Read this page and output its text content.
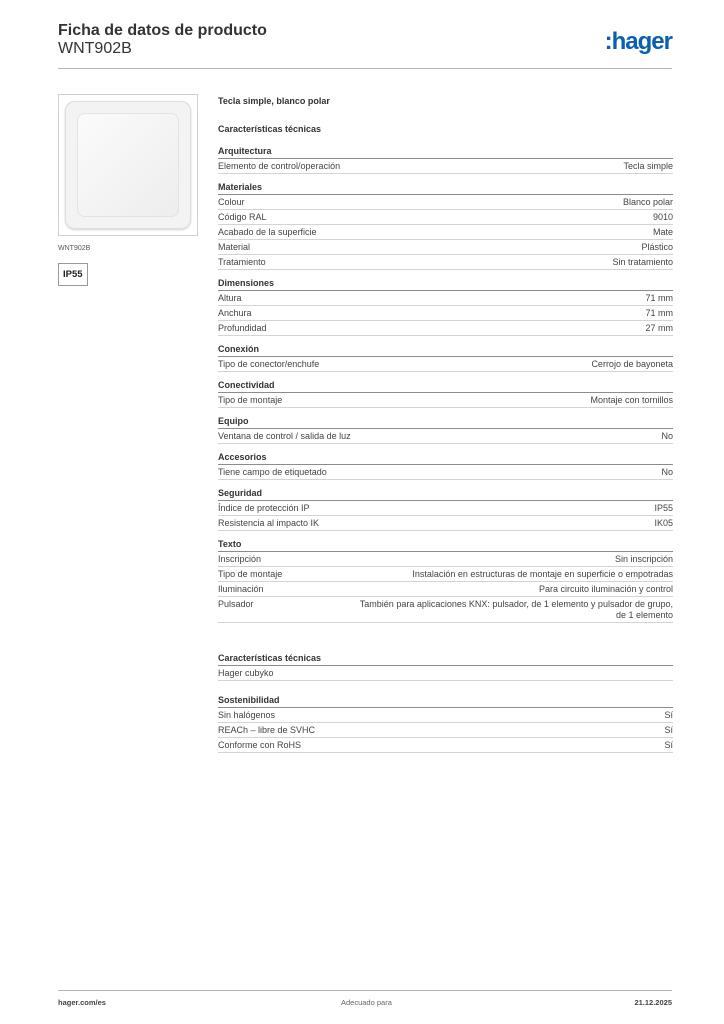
Ficha de datos de producto
WNT902B	:hager
WNT902B
IP55
Tecla simple, blanco polar
Características técnicas
Arquitectura
Elemento de control/operación	Tecla simple
Materiales
Colour	Blanco polar
Código RAL	9010
Acabado de la superficie	Mate
Material	Plástico
Tratamiento	Sin tratamiento
Dimensiones
Altura	71 mm
Anchura	71 mm
Profundidad	27 mm
Conexión
Tipo de conector/enchufe	Cerrojo de bayoneta
Conectividad
Tipo de montaje	Montaje con tornillos
Equipo
Ventana de control / salida de luz	No
Accesorios
Tiene campo de etiquetado	No
Seguridad
Índice de protección IP	IP55
Resistencia al impacto IK	IK05
Texto
Inscripción	Sin inscripción
Tipo de montaje	Instalación en estructuras de montaje en superficie o empotradas
Iluminación	Para circuito iluminación y control
Pulsador	También para aplicaciones KNX: pulsador, de 1 elemento y pulsador de grupo, de 1 elemento
Características técnicas
Hager cubyko
Sostenibilidad
Sin halógenos	Sí
REACh – libre de SVHC	Sí
Conforme con RoHS	Sí
hager.com/es	Adecuado para	21.12.2025
